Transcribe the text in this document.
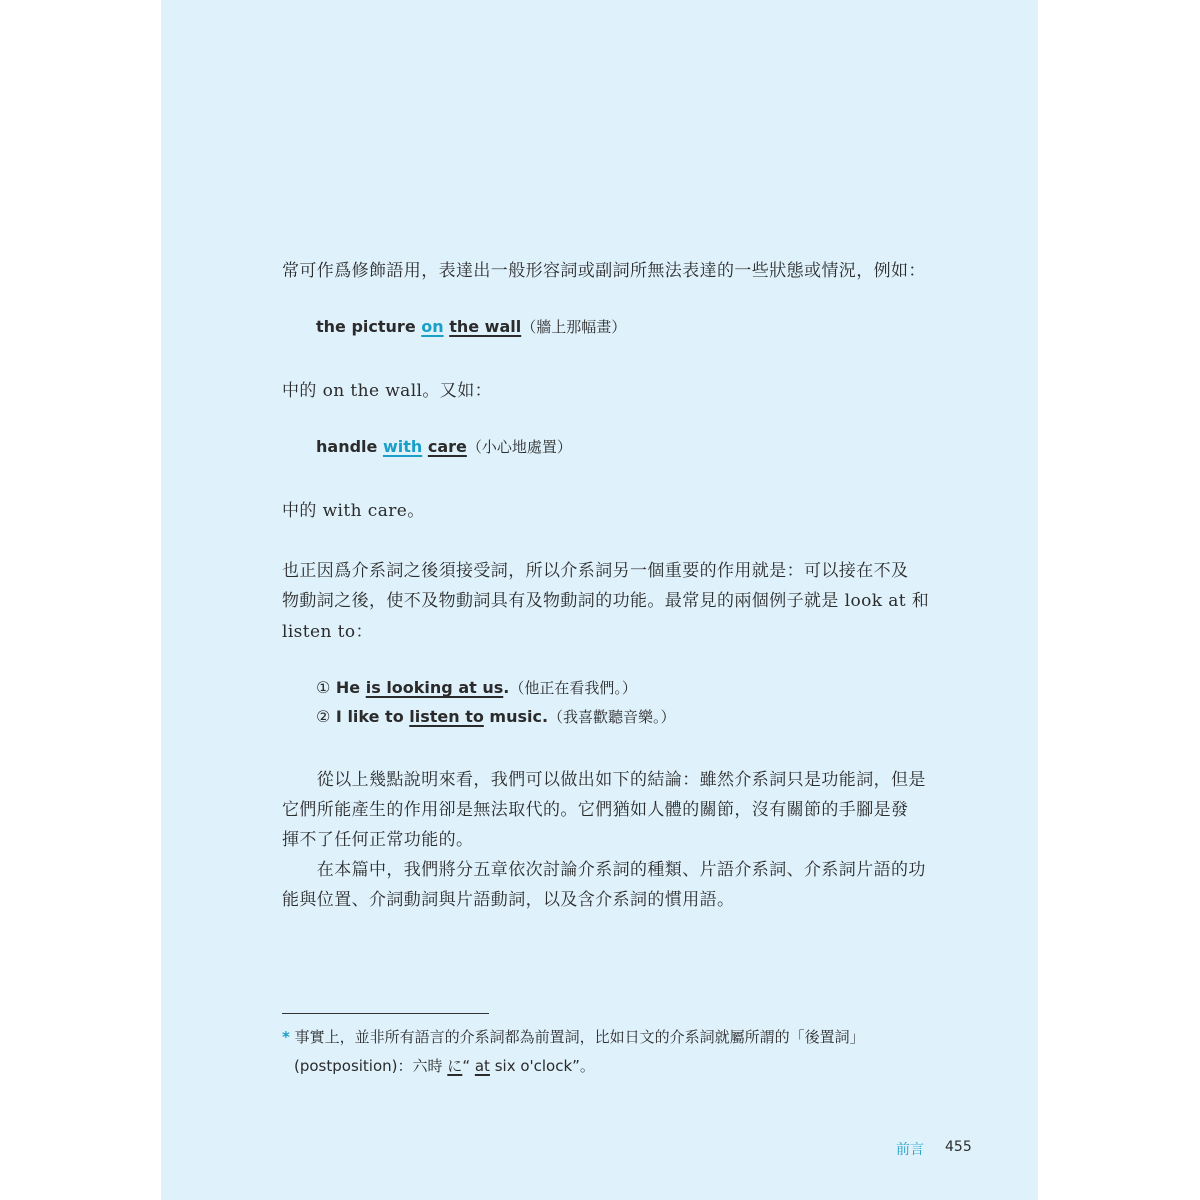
常可作爲修飾語用，表達出一般形容詞或副詞所無法表達的一些狀態或情況，例如：

the picture on the wall（牆上那幅畫）

中的 on the wall。又如：

handle with care（小心地處置）

中的 with care。

也正因爲介系詞之後須接受詞，所以介系詞另一個重要的作用就是：可以接在不及

物動詞之後，使不及物動詞具有及物動詞的功能。最常見的兩個例子就是 look at 和

listen to：

① He is looking at us.（他正在看我們。）

② I like to listen to music.（我喜歡聽音樂。）

　　從以上幾點說明來看，我們可以做出如下的結論：雖然介系詞只是功能詞，但是

它們所能產生的作用卻是無法取代的。它們猶如人體的關節，沒有關節的手腳是發

揮不了任何正常功能的。

　　在本篇中，我們將分五章依次討論介系詞的種類、片語介系詞、介系詞片語的功

能與位置、介詞動詞與片語動詞，以及含介系詞的慣用語。

* 事實上，並非所有語言的介系詞都為前置詞，比如日文的介系詞就屬所謂的「後置詞」

(postposition)：六時 に“ at six o'clock”。

前言 455
